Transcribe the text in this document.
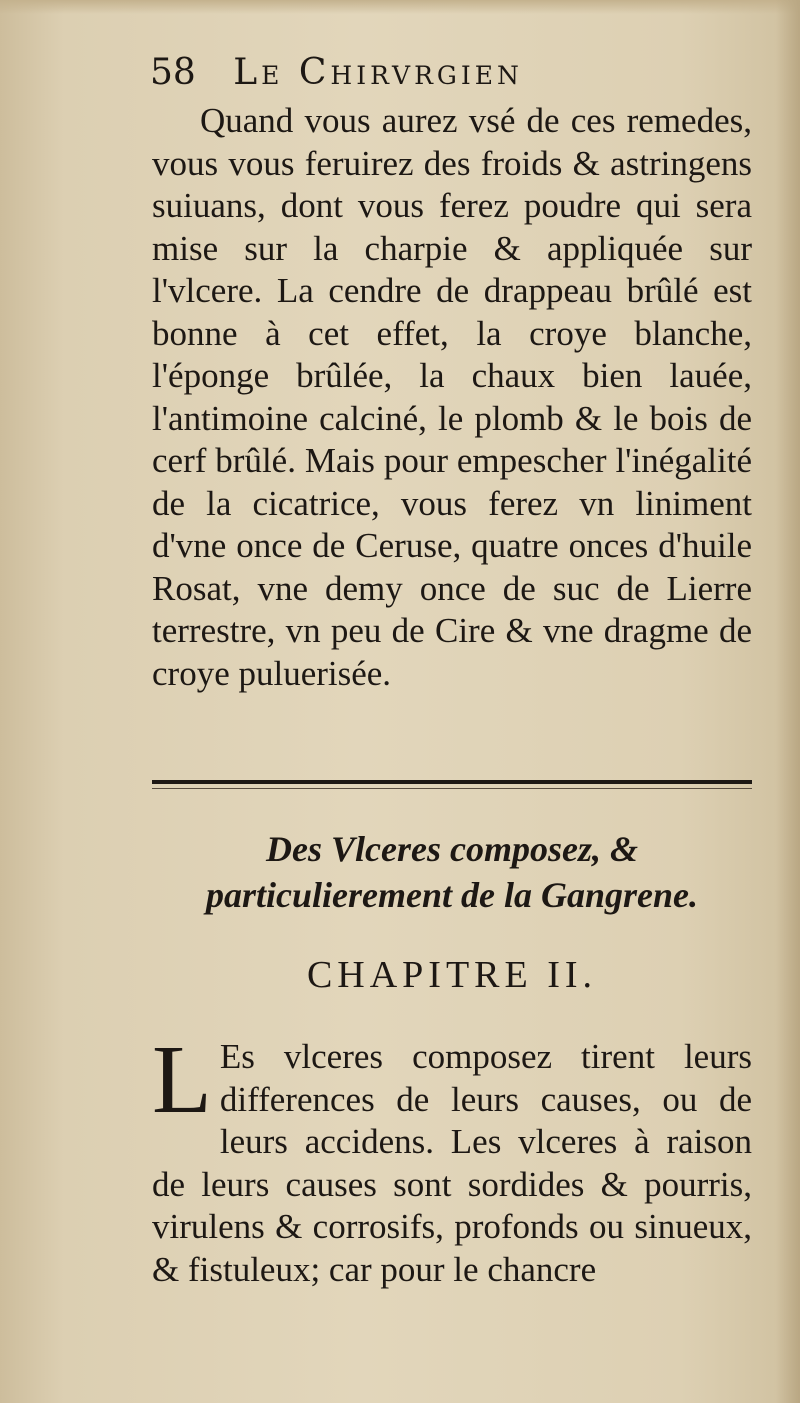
58 Le Chirvrgien
Quand vous aurez vsé de ces remedes, vous vous feruirez des froids & astringens suiuans, dont vous ferez poudre qui sera mise sur la charpie & appliquée sur l'vlcere. La cendre de drappeau brûlé est bonne à cet effet, la croye blanche, l'éponge brûlée, la chaux bien lauée, l'antimoine calciné, le plomb & le bois de cerf brûlé. Mais pour empescher l'inégalité de la cicatrice, vous ferez vn liniment d'vne once de Ceruse, quatre onces d'huile Rosat, vne demy once de suc de Lierre terrestre, vn peu de Cire & vne dragme de croye puluerisée.
Des Vlceres composez, & particulierement de la Gangrene.
CHAPITRE II.
L Es vlceres composez tirent leurs differences de leurs causes, ou de leurs accidens. Les vlceres à raison de leurs causes sont sordides & pourris, virulens & corrosifs, profonds ou sinueux, & fistuleux; car pour le chancre
